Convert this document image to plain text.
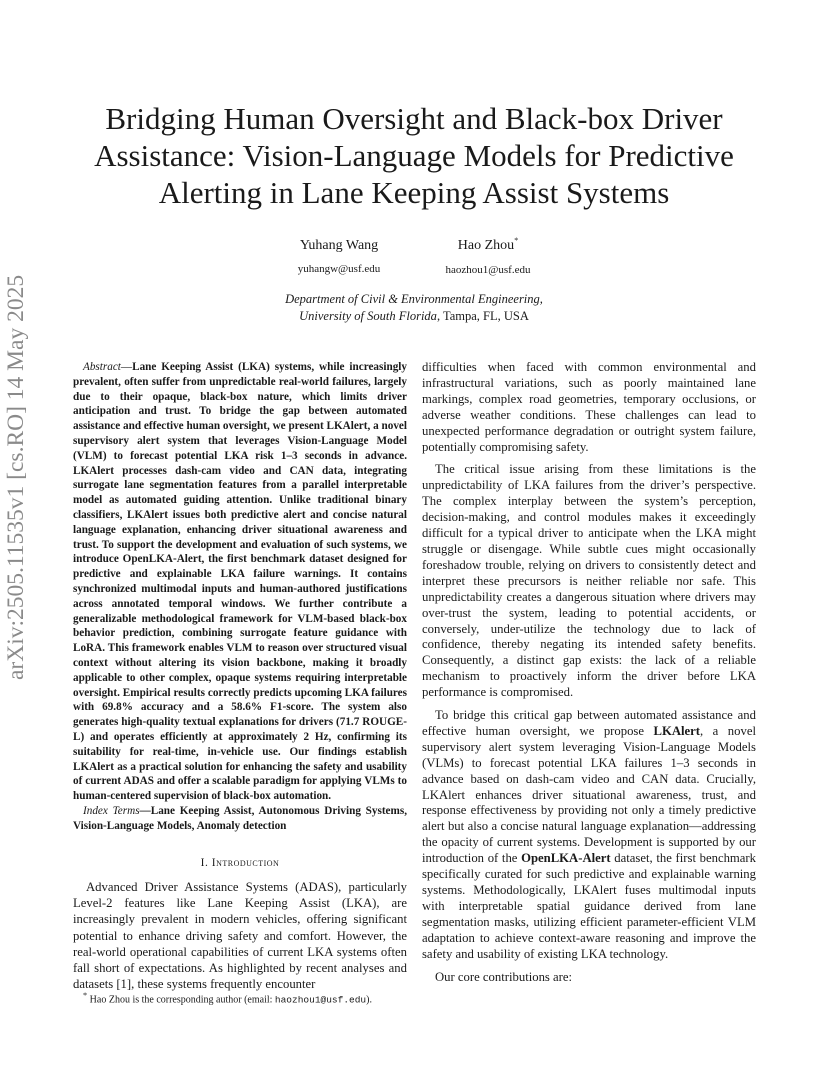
arXiv:2505.11535v1 [cs.RO] 14 May 2025
Bridging Human Oversight and Black-box Driver
Assistance: Vision-Language Models for Predictive
Alerting in Lane Keeping Assist Systems
Yuhang Wang
yuhangw@usf.edu
Hao Zhou*
haozhou1@usf.edu
Department of Civil & Environmental Engineering,
University of South Florida, Tampa, FL, USA

Abstract—Lane Keeping Assist (LKA) systems, while increasingly prevalent, often suffer from unpredictable real-world failures, largely due to their opaque, black-box nature, which limits driver anticipation and trust. To bridge the gap between automated assistance and effective human oversight, we present LKAlert, a novel supervisory alert system that leverages Vision-Language Model (VLM) to forecast potential LKA risk 1–3 seconds in advance. LKAlert processes dash-cam video and CAN data, integrating surrogate lane segmentation features from a parallel interpretable model as automated guiding attention. Unlike traditional binary classifiers, LKAlert issues both predictive alert and concise natural language explanation, enhancing driver situational awareness and trust. To support the development and evaluation of such systems, we introduce OpenLKA-Alert, the first benchmark dataset designed for predictive and explainable LKA failure warnings. It contains synchronized multimodal inputs and human-authored justifications across annotated temporal windows. We further contribute a generalizable methodological framework for VLM-based black-box behavior prediction, combining surrogate feature guidance with LoRA. This framework enables VLM to reason over structured visual context without altering its vision backbone, making it broadly applicable to other complex, opaque systems requiring interpretable oversight. Empirical results correctly predicts upcoming LKA failures with 69.8% accuracy and a 58.6% F1-score. The system also generates high-quality textual explanations for drivers (71.7 ROUGE-L) and operates efficiently at approximately 2 Hz, confirming its suitability for real-time, in-vehicle use. Our findings establish LKAlert as a practical solution for enhancing the safety and usability of current ADAS and offer a scalable paradigm for applying VLMs to human-centered supervision of black-box automation.

Index Terms—Lane Keeping Assist, Autonomous Driving Systems, Vision-Language Models, Anomaly detection
I. Introduction

Advanced Driver Assistance Systems (ADAS), particularly Level-2 features like Lane Keeping Assist (LKA), are increasingly prevalent in modern vehicles, offering significant potential to enhance driving safety and comfort. However, the real-world operational capabilities of current LKA systems often fall short of expectations. As highlighted by recent analyses and datasets [1], these systems frequently encounter

* Hao Zhou is the corresponding author (email: haozhou1@usf.edu).

difficulties when faced with common environmental and infrastructural variations, such as poorly maintained lane markings, complex road geometries, temporary occlusions, or adverse weather conditions. These challenges can lead to unexpected performance degradation or outright system failure, potentially compromising safety.

The critical issue arising from these limitations is the unpredictability of LKA failures from the driver’s perspective. The complex interplay between the system’s perception, decision-making, and control modules makes it exceedingly difficult for a typical driver to anticipate when the LKA might struggle or disengage. While subtle cues might occasionally foreshadow trouble, relying on drivers to consistently detect and interpret these precursors is neither reliable nor safe. This unpredictability creates a dangerous situation where drivers may over-trust the system, leading to potential accidents, or conversely, under-utilize the technology due to lack of confidence, thereby negating its intended safety benefits. Consequently, a distinct gap exists: the lack of a reliable mechanism to proactively inform the driver before LKA performance is compromised.

To bridge this critical gap between automated assistance and effective human oversight, we propose LKAlert, a novel supervisory alert system leveraging Vision-Language Models (VLMs) to forecast potential LKA failures 1–3 seconds in advance based on dash-cam video and CAN data. Crucially, LKAlert enhances driver situational awareness, trust, and response effectiveness by providing not only a timely predictive alert but also a concise natural language explanation—addressing the opacity of current systems. Development is supported by our introduction of the OpenLKA-Alert dataset, the first benchmark specifically curated for such predictive and explainable warning systems. Methodologically, LKAlert fuses multimodal inputs with interpretable spatial guidance derived from lane segmentation masks, utilizing efficient parameter-efficient VLM adaptation to achieve context-aware reasoning and improve the safety and usability of existing LKA technology.

Our core contributions are:
